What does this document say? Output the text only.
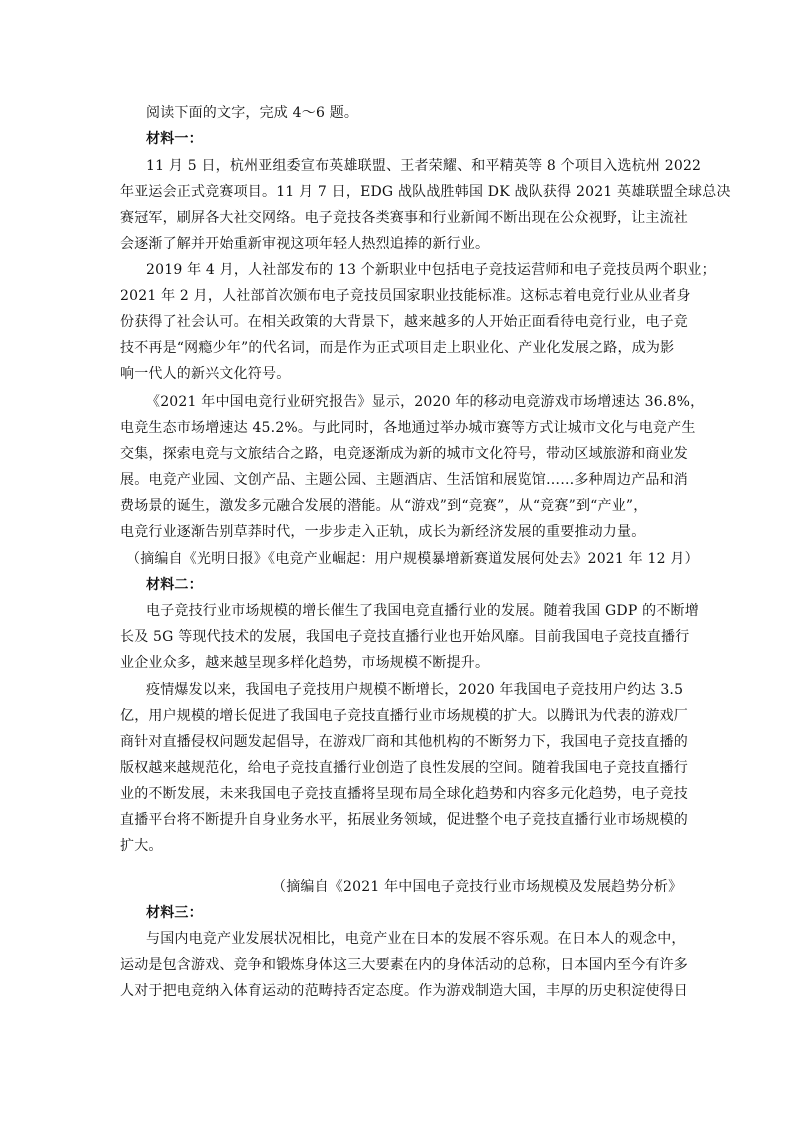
阅读下面的文字，完成 4～6 题。
材料一：
11 月 5 日，杭州亚组委宣布英雄联盟、王者荣耀、和平精英等 8 个项目入选杭州 2022
年亚运会正式竞赛项目。11 月 7 日，EDG 战队战胜韩国 DK 战队获得 2021 英雄联盟全球总决
赛冠军，刷屏各大社交网络。电子竞技各类赛事和行业新闻不断出现在公众视野，让主流社
会逐渐了解并开始重新审视这项年轻人热烈追捧的新行业。
2019 年 4 月，人社部发布的 13 个新职业中包括电子竞技运营师和电子竞技员两个职业；
2021 年 2 月，人社部首次颁布电子竞技员国家职业技能标准。这标志着电竞行业从业者身
份获得了社会认可。在相关政策的大背景下，越来越多的人开始正面看待电竞行业，电子竞
技不再是“网瘾少年”的代名词，而是作为正式项目走上职业化、产业化发展之路，成为影
响一代人的新兴文化符号。
《2021 年中国电竞行业研究报告》显示，2020 年的移动电竞游戏市场增速达 36.8%，
电竞生态市场增速达 45.2%。与此同时，各地通过举办城市赛等方式让城市文化与电竞产生
交集，探索电竞与文旅结合之路，电竞逐渐成为新的城市文化符号，带动区域旅游和商业发
展。电竞产业园、文创产品、主题公园、主题酒店、生活馆和展览馆……多种周边产品和消
费场景的诞生，激发多元融合发展的潜能。从“游戏”到“竞赛”，从“竞赛”到“产业”，
电竞行业逐渐告别草莽时代，一步步走入正轨，成长为新经济发展的重要推动力量。
（摘编自《光明日报》《电竞产业崛起：用户规模暴增新赛道发展何处去》2021 年 12 月）
材料二：
电子竞技行业市场规模的增长催生了我国电竞直播行业的发展。随着我国 GDP 的不断增
长及 5G 等现代技术的发展，我国电子竞技直播行业也开始风靡。目前我国电子竞技直播行
业企业众多，越来越呈现多样化趋势，市场规模不断提升。
疫情爆发以来，我国电子竞技用户规模不断增长，2020 年我国电子竞技用户约达 3.5
亿，用户规模的增长促进了我国电子竞技直播行业市场规模的扩大。以腾讯为代表的游戏厂
商针对直播侵权问题发起倡导，在游戏厂商和其他机构的不断努力下，我国电子竞技直播的
版权越来越规范化，给电子竞技直播行业创造了良性发展的空间。随着我国电子竞技直播行
业的不断发展，未来我国电子竞技直播将呈现布局全球化趋势和内容多元化趋势，电子竞技
直播平台将不断提升自身业务水平，拓展业务领域，促进整个电子竞技直播行业市场规模的
扩大。
（摘编自《2021 年中国电子竞技行业市场规模及发展趋势分析》
材料三：
与国内电竞产业发展状况相比，电竞产业在日本的发展不容乐观。在日本人的观念中，
运动是包含游戏、竞争和锻炼身体这三大要素在内的身体活动的总称，日本国内至今有许多
人对于把电竞纳入体育运动的范畴持否定态度。作为游戏制造大国，丰厚的历史积淀使得日
